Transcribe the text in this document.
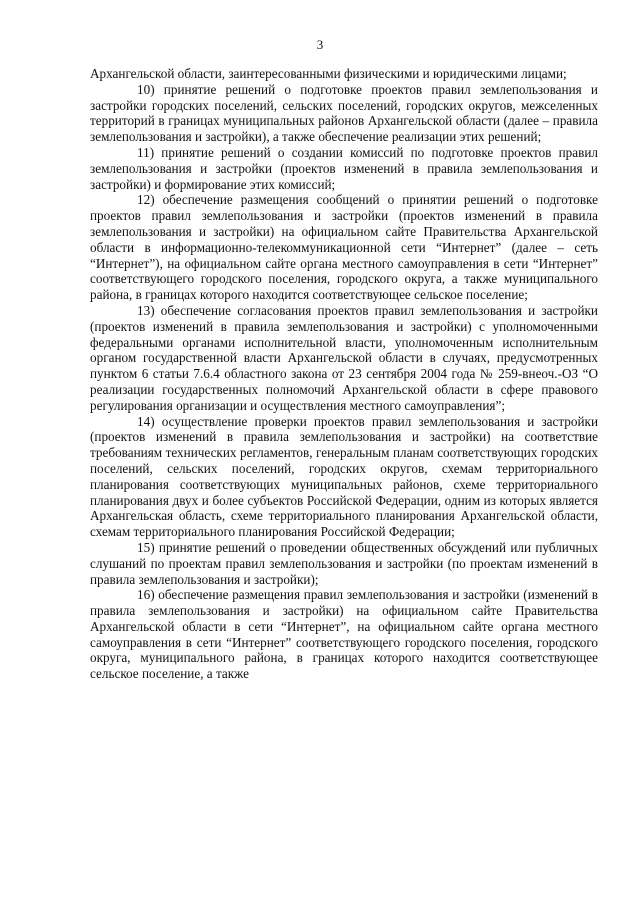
3

Архангельской области, заинтересованными физическими и юридическими лицами;

10) принятие решений о подготовке проектов правил землепользования и застройки городских поселений, сельских поселений, городских округов, межселенных территорий в границах муниципальных районов Архангельской области (далее – правила землепользования и застройки), а также обеспечение реализации этих решений;

11) принятие решений о создании комиссий по подготовке проектов правил землепользования и застройки (проектов изменений в правила землепользования и застройки) и формирование этих комиссий;

12) обеспечение размещения сообщений о принятии решений о подготовке проектов правил землепользования и застройки (проектов изменений в правила землепользования и застройки) на официальном сайте Правительства Архангельской области в информационно-телекоммуникационной сети “Интернет” (далее – сеть “Интернет”), на официальном сайте органа местного самоуправления в сети “Интернет” соответствующего городского поселения, городского округа, а также муниципального района, в границах которого находится соответствующее сельское поселение;

13) обеспечение согласования проектов правил землепользования и застройки (проектов изменений в правила землепользования и застройки) с уполномоченными федеральными органами исполнительной власти, уполномоченным исполнительным органом государственной власти Архангельской области в случаях, предусмотренных пунктом 6 статьи 7.6.4 областного закона от 23 сентября 2004 года № 259-внеоч.-ОЗ “О реализации государственных полномочий Архангельской области в сфере правового регулирования организации и осуществления местного самоуправления”;

14) осуществление проверки проектов правил землепользования и застройки (проектов изменений в правила землепользования и застройки) на соответствие требованиям технических регламентов, генеральным планам соответствующих городских поселений, сельских поселений, городских округов, схемам территориального планирования соответствующих муниципальных районов, схеме территориального планирования двух и более субъектов Российской Федерации, одним из которых является Архангельская область, схеме территориального планирования Архангельской области, схемам территориального планирования Российской Федерации;

15) принятие решений о проведении общественных обсуждений или публичных слушаний по проектам правил землепользования и застройки (по проектам изменений в правила землепользования и застройки);

16) обеспечение размещения правил землепользования и застройки (изменений в правила землепользования и застройки) на официальном сайте Правительства Архангельской области в сети “Интернет”, на официальном сайте органа местного самоуправления в сети “Интернет” соответствующего городского поселения, городского округа, муниципального района, в границах которого находится соответствующее сельское поселение, а также
